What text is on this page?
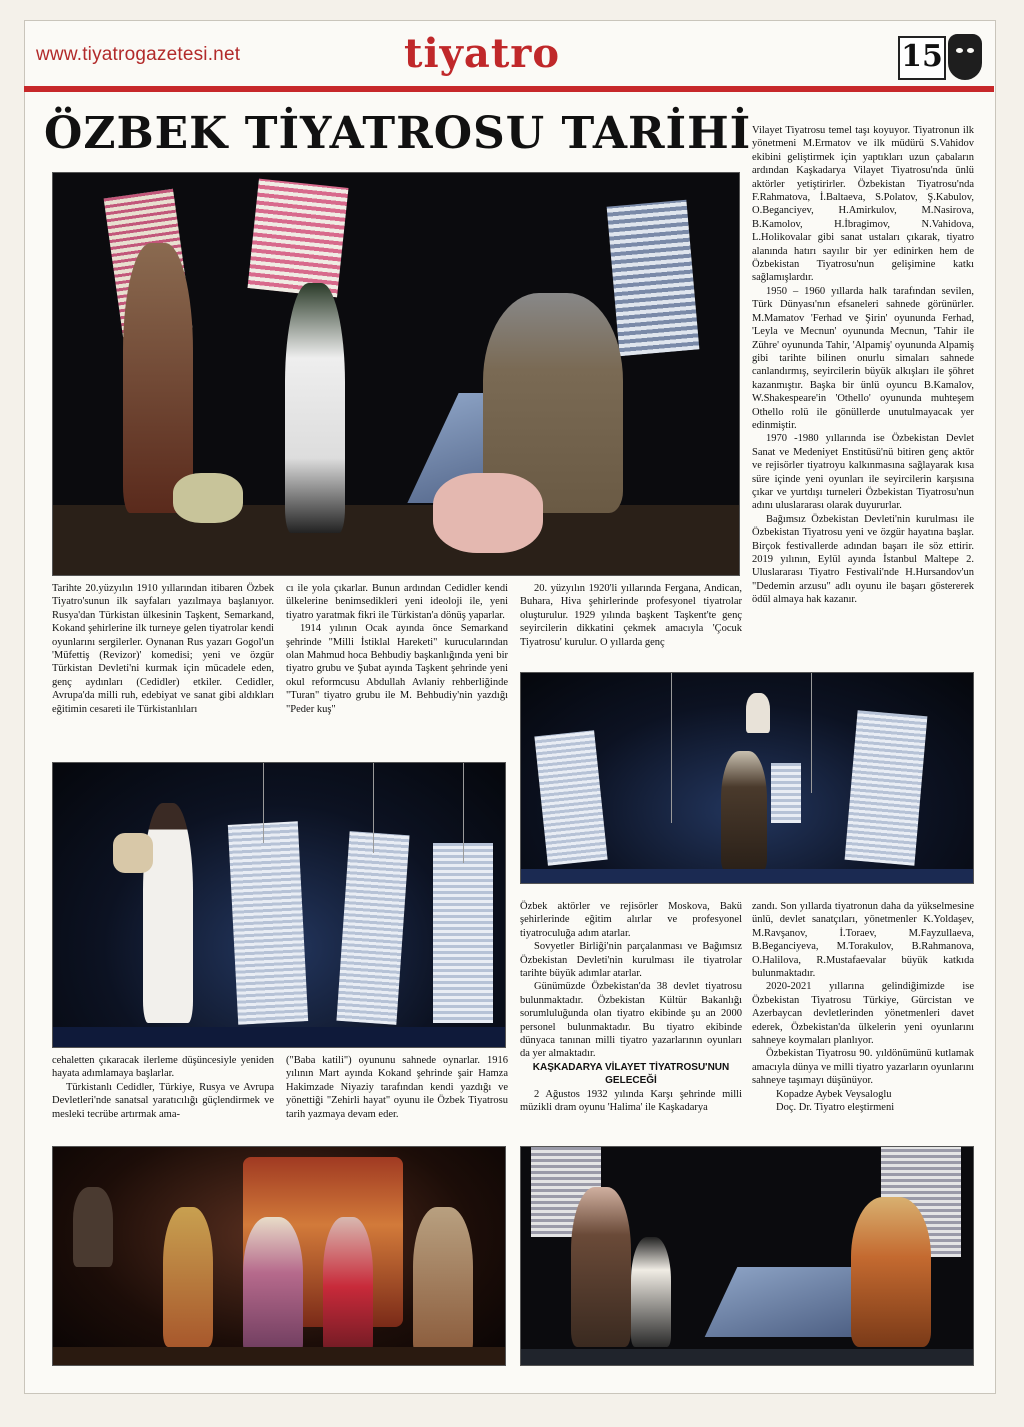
www.tiyatrogazetesi.net	tiyatro	15
ÖZBEK TİYATROSU TARİHİ

Tarihte 20.yüzyılın 1910 yıllarından itibaren Özbek Tiyatro'sunun ilk sayfaları yazılmaya başlanıyor. Rusya'dan Türkistan ülkesinin Taşkent, Semarkand, Kokand şehirlerine ilk turneye gelen tiyatrolar kendi oyunlarını sergilerler. Oynanan Rus yazarı Gogol'un 'Müfettiş (Revizor)' komedisi; yeni ve özgür Türkistan Devleti'ni kurmak için mücadele eden, genç aydınları (Cedidler) etkiler. Cedidler, Avrupa'da milli ruh, edebiyat ve sanat gibi aldıkları eğitimin cesareti ile Türkistanlıları

cı ile yola çıkarlar. Bunun ardından Cedidler kendi ülkelerine benimsedikleri yeni ideoloji ile, yeni tiyatro yaratmak fikri ile Türkistan'a dönüş yaparlar.

1914 yılının Ocak ayında önce Semarkand şehrinde "Milli İstiklal Hareketi" kurucularından olan Mahmud hoca Behbudiy başkanlığında yeni bir tiyatro grubu ve Şubat ayında Taşkent şehrinde yeni okul reformcusu Abdullah Avlaniy rehberliğinde "Turan" tiyatro grubu ile M. Behbudiy'nin yazdığı "Peder kuş"

20. yüzyılın 1920'li yıllarında Fergana, Andican, Buhara, Hiva şehirlerinde profesyonel tiyatrolar oluşturulur. 1929 yılında başkent Taşkent'te genç seyircilerin dikkatini çekmek amacıyla 'Çocuk Tiyatrosu' kurulur. O yıllarda genç

Vilayet Tiyatrosu temel taşı koyuyor. Tiyatronun ilk yönetmeni M.Ermatov ve ilk müdürü S.Vahidov ekibini geliştirmek için yaptıkları uzun çabaların ardından Kaşkadarya Vilayet Tiyatrosu'nda ünlü aktörler yetiştirirler. Özbekistan Tiyatrosu'nda F.Rahmatova, İ.Baltaeva, S.Polatov, Ş.Kabulov, O.Beganciyev, H.Amirkulov, M.Nasirova, B.Kamolov, H.İbragimov, N.Vahidova, L.Holikovalar gibi sanat ustaları çıkarak, tiyatro alanında hatırı sayılır bir yer edinirken hem de Özbekistan Tiyatrosu'nun gelişimine katkı sağlamışlardır.

1950 – 1960 yıllarda halk tarafından sevilen, Türk Dünyası'nın efsaneleri sahnede görünürler. M.Mamatov 'Ferhad ve Şirin' oyununda Ferhad, 'Leyla ve Mecnun' oyununda Mecnun, 'Tahir ile Zühre' oyununda Tahir, 'Alpamiş' oyununda Alpamiş gibi tarihte bilinen onurlu simaları sahnede canlandırmış, seyircilerin büyük alkışları ile şöhret kazanmıştır. Başka bir ünlü oyuncu B.Kamalov, W.Shakespeare'in 'Othello' oyununda muhteşem Othello rolü ile gönüllerde unutulmayacak yer edinmiştir.

1970 -1980 yıllarında ise Özbekistan Devlet Sanat ve Medeniyet Enstitüsü'nü bitiren genç aktör ve rejisörler tiyatroyu kalkınmasına sağlayarak kısa süre içinde yeni oyunları ile seyircilerin karşısına çıkar ve yurtdışı turneleri Özbekistan Tiyatrosu'nun adını uluslararası olarak duyururlar.

Bağımsız Özbekistan Devleti'nin kurulması ile Özbekistan Tiyatrosu yeni ve özgür hayatına başlar. Birçok festivallerde adından başarı ile söz ettirir. 2019 yılının, Eylül ayında İstanbul Maltepe 2. Uluslararası Tiyatro Festivali'nde H.Hursandov'un "Dedemin arzusu" adlı oyunu ile başarı göstererek ödül almaya hak kazanır.

Özbek aktörler ve rejisörler Moskova, Bakü şehirlerinde eğitim alırlar ve profesyonel tiyatroculuğa adım atarlar.

Sovyetler Birliği'nin parçalanması ve Bağımsız Özbekistan Devleti'nin kurulması ile tiyatrolar tarihte büyük adımlar atarlar.

Günümüzde Özbekistan'da 38 devlet tiyatrosu bulunmaktadır. Özbekistan Kültür Bakanlığı sorumluluğunda olan tiyatro ekibinde şu an 2000 personel bulunmaktadır. Bu tiyatro ekibinde dünyaca tanınan milli tiyatro yazarlarının oyunları da yer almaktadır.

KAŞKADARYA VİLAYET TİYATROSU'NUN GELECEĞİ

2 Ağustos 1932 yılında Karşı şehrinde milli müzikli dram oyunu 'Halima' ile Kaşkadarya

zandı. Son yıllarda tiyatronun daha da yükselmesine ünlü, devlet sanatçıları, yönetmenler K.Yoldaşev, M.Ravşanov, İ.Toraev, M.Fayzullaeva, B.Beganciyeva, M.Torakulov, B.Rahmanova, O.Halilova, R.Mustafaevalar büyük katkıda bulunmaktadır.

2020-2021 yıllarına gelindiğimizde ise Özbekistan Tiyatrosu Türkiye, Gürcistan ve Azerbaycan devletlerinden yönetmenleri davet ederek, Özbekistan'da ülkelerin yeni oyunlarını sahneye koymaları planlıyor.

Özbekistan Tiyatrosu 90. yıldönümünü kutlamak amacıyla dünya ve milli tiyatro yazarların oyunlarını sahneye taşımayı düşünüyor.

Kopadze Aybek Veysaloglu

Doç. Dr. Tiyatro eleştirmeni

cehaletten çıkaracak ilerleme düşüncesiyle yeniden hayata adımlamaya başlarlar.

Türkistanlı Cedidler, Türkiye, Rusya ve Avrupa Devletleri'nde sanatsal yaratıcılığı güçlendirmek ve mesleki tecrübe artırmak ama-

("Baba katili") oyununu sahnede oynarlar. 1916 yılının Mart ayında Kokand şehrinde şair Hamza Hakimzade Niyaziy tarafından kendi yazdığı ve yönettiği "Zehirli hayat" oyunu ile Özbek Tiyatrosu tarih yazmaya devam eder.
